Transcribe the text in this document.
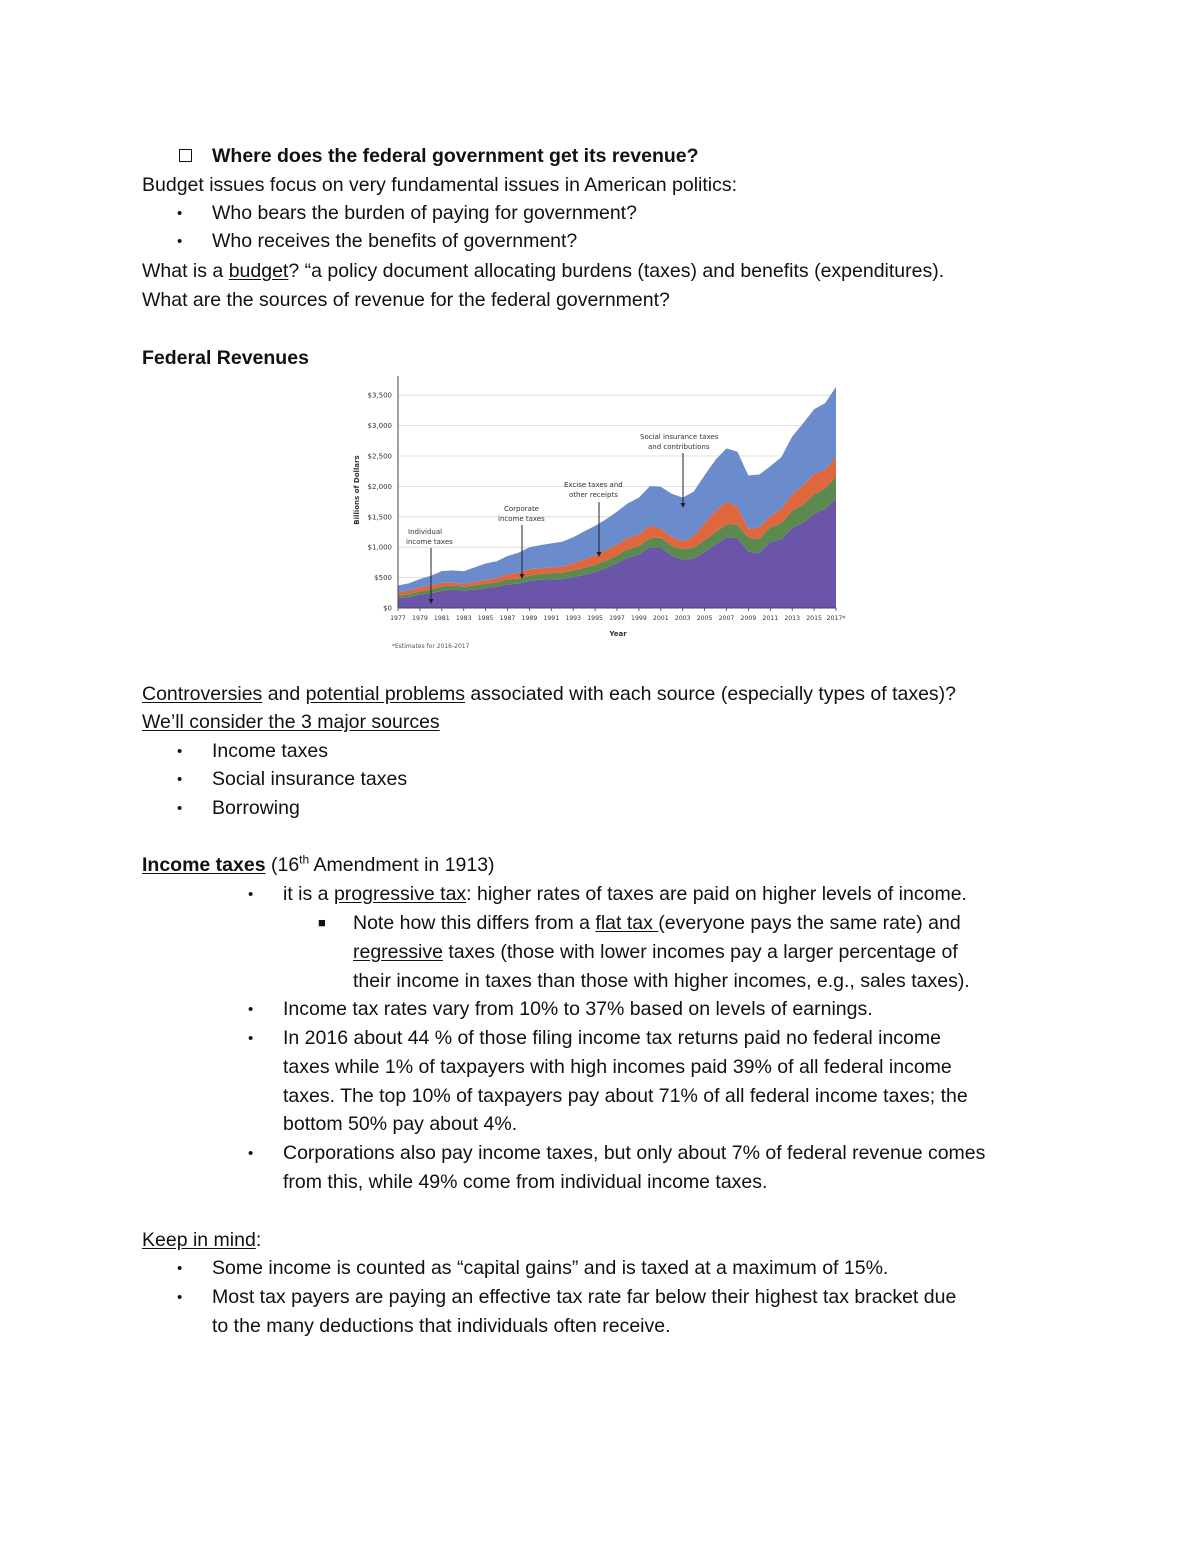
Where does the federal government get its revenue?
Budget issues focus on very fundamental issues in American politics:
• Who bears the burden of paying for government?
• Who receives the benefits of government?
What is a budget? “a policy document allocating burdens (taxes) and benefits (expenditures).
What are the sources of revenue for the federal government?
Federal Revenues
$0
$500
$1,000
$1,500
$2,000
$2,500
$3,000
$3,500
1977 1979 1981 1983 1985 1987 1989 1991 1993 1995 1997 1999 2001 2003 2005 2007 2009 2011 2013 2015 2017*
Billions of Dollars
Year
*Estimates for 2016-2017
Individual
income taxes
Corporate
income taxes
Excise taxes and
other receipts
Social insurance taxes
and contributions
Controversies and potential problems associated with each source (especially types of taxes)?
We’ll consider the 3 major sources
• Income taxes
• Social insurance taxes
• Borrowing
Income taxes (16th Amendment in 1913)
• it is a progressive tax: higher rates of taxes are paid on higher levels of income.
■ Note how this differs from a flat tax (everyone pays the same rate) and
regressive taxes (those with lower incomes pay a larger percentage of
their income in taxes than those with higher incomes, e.g., sales taxes).
• Income tax rates vary from 10% to 37% based on levels of earnings.
• In 2016 about 44 % of those filing income tax returns paid no federal income
taxes while 1% of taxpayers with high incomes paid 39% of all federal income
taxes. The top 10% of taxpayers pay about 71% of all federal income taxes; the
bottom 50% pay about 4%.
• Corporations also pay income taxes, but only about 7% of federal revenue comes
from this, while 49% come from individual income taxes.
Keep in mind:
• Some income is counted as “capital gains” and is taxed at a maximum of 15%.
• Most tax payers are paying an effective tax rate far below their highest tax bracket due
to the many deductions that individuals often receive.
